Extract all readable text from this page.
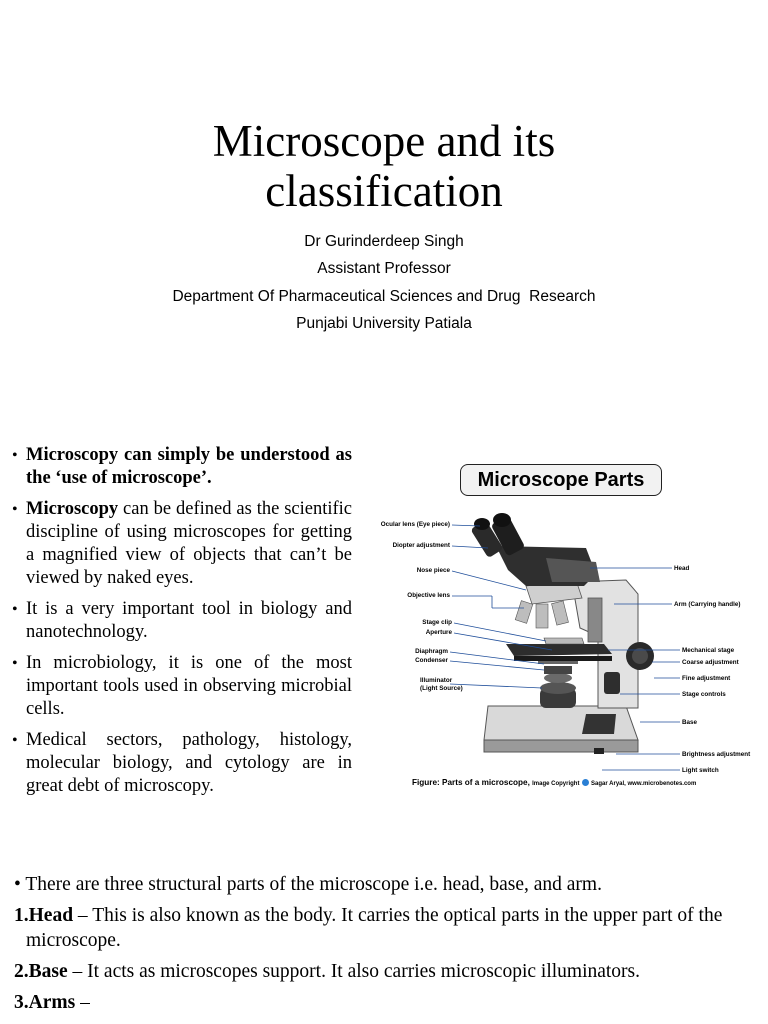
Microscope and its
classification
Dr Gurinderdeep Singh
Assistant Professor
Department Of Pharmaceutical Sciences and Drug  Research
Punjabi University Patiala
• Microscopy can simply be understood as the ‘use of microscope’.
• Microscopy can be defined as the scientific discipline of using microscopes for getting a magnified view of objects that can’t be viewed by naked eyes.
• It is a very important tool in biology and nanotechnology.
• In microbiology, it is one of the most important tools used in observing microbial cells.
• Medical sectors, pathology, histology, molecular biology, and cytology are in great debt of microscopy.
Microscope Parts
Ocular lens (Eye piece)
Diopter adjustment
Nose piece
Objective lens
Stage clip
Aperture
Diaphragm
Condenser
Illuminator
(Light Source)
Head
Arm (Carrying handle)
Mechanical stage
Coarse adjustment
Fine adjustment
Stage controls
Base
Brightness adjustment
Light switch
Figure: Parts of a microscope, Image Copyright Sagar Aryal, www.microbenotes.com

• There are three structural parts of the microscope i.e. head, base, and arm.

1.Head – This is also known as the body. It carries the optical parts in the upper part of the microscope.

2.Base – It acts as microscopes support. It also carries microscopic illuminators.

3.Arms –
